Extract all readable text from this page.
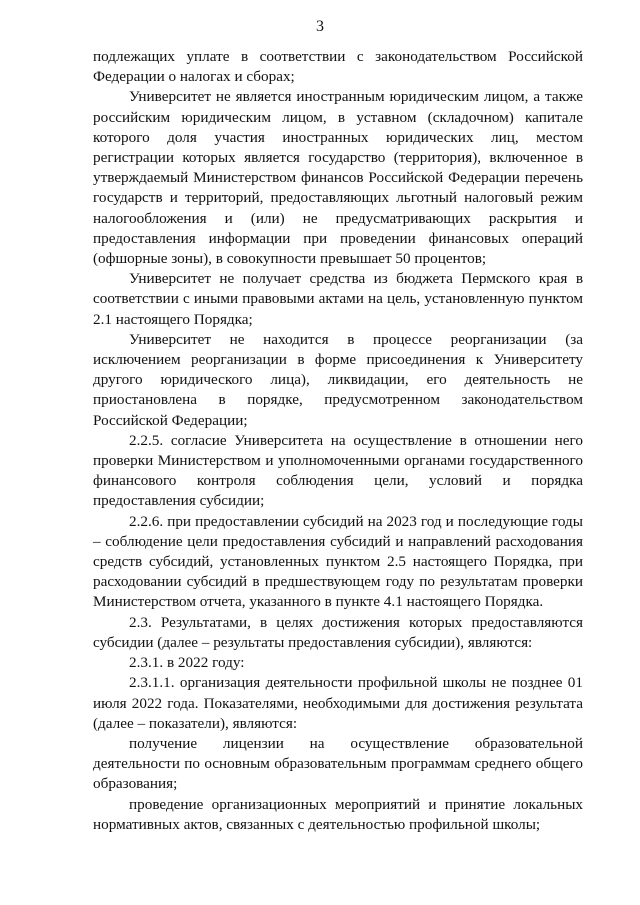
3

подлежащих уплате в соответствии с законодательством Российской Федерации о налогах и сборах;

Университет не является иностранным юридическим лицом, а также российским юридическим лицом, в уставном (складочном) капитале которого доля участия иностранных юридических лиц, местом регистрации которых является государство (территория), включенное в утверждаемый Министерством финансов Российской Федерации перечень государств и территорий, предоставляющих льготный налоговый режим налогообложения и (или) не предусматривающих раскрытия и предоставления информации при проведении финансовых операций (офшорные зоны), в совокупности превышает 50 процентов;

Университет не получает средства из бюджета Пермского края в соответствии с иными правовыми актами на цель, установленную пунктом 2.1 настоящего Порядка;

Университет не находится в процессе реорганизации (за исключением реорганизации в форме присоединения к Университету другого юридического лица), ликвидации, его деятельность не приостановлена в порядке, предусмотренном законодательством Российской Федерации;

2.2.5. согласие Университета на осуществление в отношении него проверки Министерством и уполномоченными органами государственного финансового контроля соблюдения цели, условий и порядка предоставления субсидии;

2.2.6. при предоставлении субсидий на 2023 год и последующие годы – соблюдение цели предоставления субсидий и направлений расходования средств субсидий, установленных пунктом 2.5 настоящего Порядка, при расходовании субсидий в предшествующем году по результатам проверки Министерством отчета, указанного в пункте 4.1 настоящего Порядка.

2.3. Результатами, в целях достижения которых предоставляются субсидии (далее – результаты предоставления субсидии), являются:

2.3.1. в 2022 году:

2.3.1.1. организация деятельности профильной школы не позднее 01 июля 2022 года. Показателями, необходимыми для достижения результата (далее – показатели), являются:

получение лицензии на осуществление образовательной деятельности по основным образовательным программам среднего общего образования;

проведение организационных мероприятий и принятие локальных нормативных актов, связанных с деятельностью профильной школы;
